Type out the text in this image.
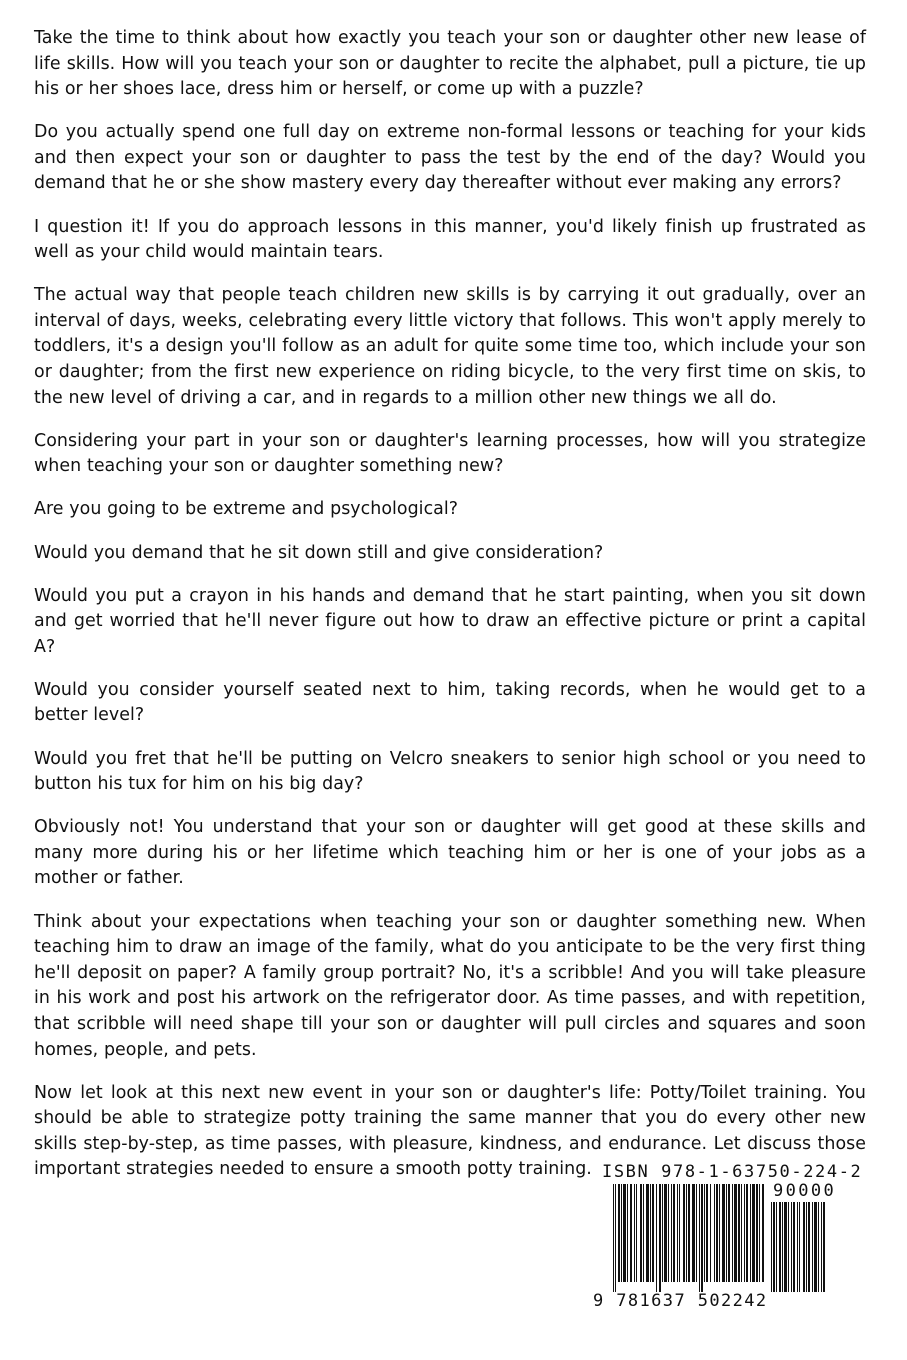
Take the time to think about how exactly you teach your son or daughter other new lease of life skills. How will you teach your son or daughter to recite the alphabet, pull a picture, tie up his or her shoes lace, dress him or herself, or come up with a puzzle?

Do you actually spend one full day on extreme non-formal lessons or teaching for your kids and then expect your son or daughter to pass the test by the end of the day? Would you demand that he or she show mastery every day thereafter without ever making any errors?

I question it! If you do approach lessons in this manner, you'd likely finish up frustrated as well as your child would maintain tears.

The actual way that people teach children new skills is by carrying it out gradually, over an interval of days, weeks, celebrating every little victory that follows. This won't apply merely to toddlers, it's a design you'll follow as an adult for quite some time too, which include your son or daughter; from the first new experience on riding bicycle, to the very first time on skis, to the new level of driving a car, and in regards to a million other new things we all do.

Considering your part in your son or daughter's learning processes, how will you strategize when teaching your son or daughter something new?

Are you going to be extreme and psychological?

Would you demand that he sit down still and give consideration?

Would you put a crayon in his hands and demand that he start painting, when you sit down and get worried that he'll never figure out how to draw an effective picture or print a capital A?

Would you consider yourself seated next to him, taking records, when he would get to a better level?

Would you fret that he'll be putting on Velcro sneakers to senior high school or you need to button his tux for him on his big day?

Obviously not! You understand that your son or daughter will get good at these skills and many more during his or her lifetime which teaching him or her is one of your jobs as a mother or father.

Think about your expectations when teaching your son or daughter something new. When teaching him to draw an image of the family, what do you anticipate to be the very first thing he'll deposit on paper? A family group portrait? No, it's a scribble! And you will take pleasure in his work and post his artwork on the refrigerator door. As time passes, and with repetition, that scribble will need shape till your son or daughter will pull circles and squares and soon homes, people, and pets.

Now let look at this next new event in your son or daughter's life: Potty/Toilet training. You should be able to strategize potty training the same manner that you do every other new skills step-by-step, as time passes, with pleasure, kindness, and endurance. Let discuss those important strategies needed to ensure a smooth potty training. ISBN 978-1-63750-224-2
90000
9 781637 502242
